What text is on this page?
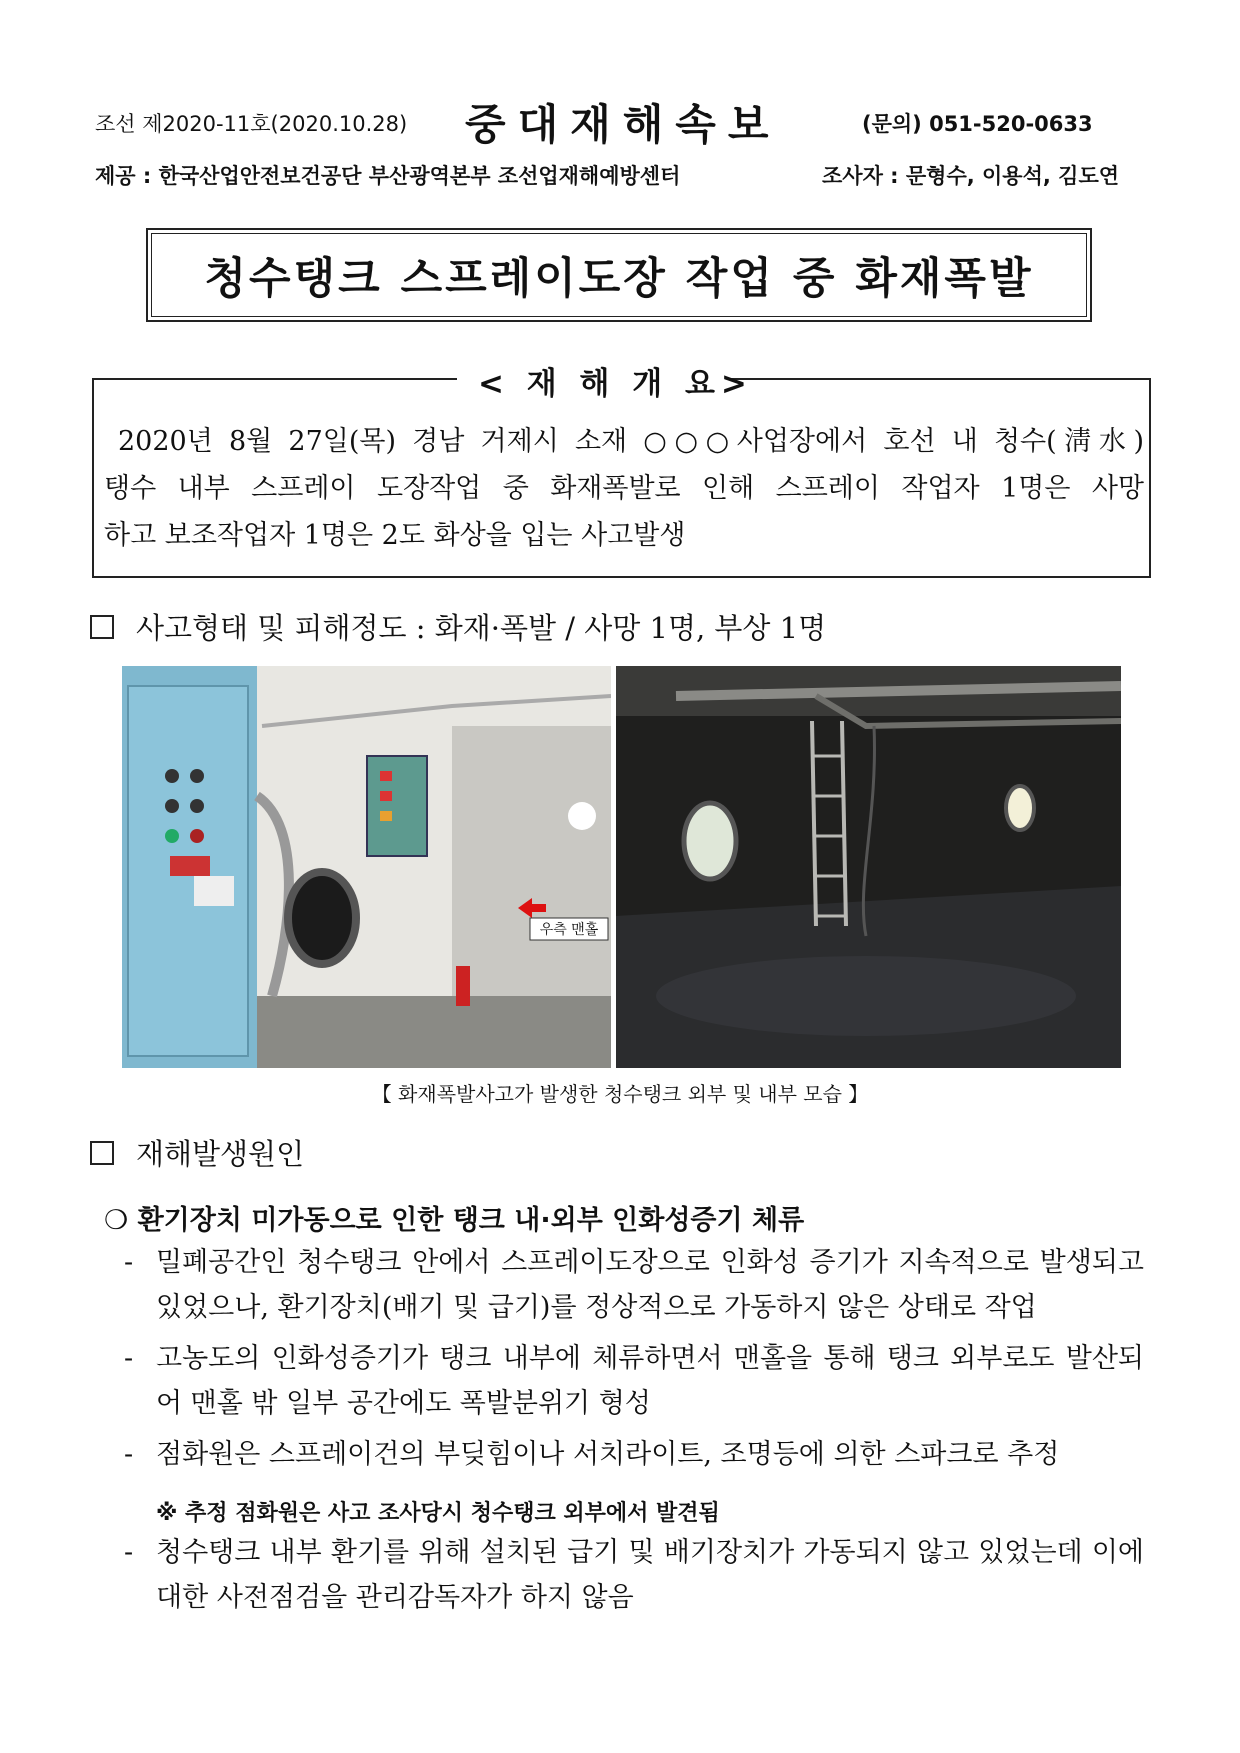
조선 제2020-11호(2020.10.28) 중대재해속보	(문의) 051-520-0633
제공 : 한국산업안전보건공단 부산광역본부 조선업재해예방센터	조사자 : 문형수, 이용석, 김도연
청수탱크 스프레이도장 작업 중 화재폭발
< 재 해 개 요>
2020년 8월 27일(목) 경남 거제시 소재 ○○○사업장에서 호선 내 청수(淸水)
탱수 내부 스프레이 도장작업 중 화재폭발로 인해 스프레이 작업자 1명은 사망
하고 보조작업자 1명은 2도 화상을 입는 사고발생
사고형태 및 피해정도 : 화재·폭발 / 사망 1명, 부상 1명
우측 맨홀
【 화재폭발사고가 발생한 청수탱크 외부 및 내부 모습 】
재해발생원인
❍ 환기장치 미가동으로 인한 탱크 내·외부 인화성증기 체류
- 밀폐공간인 청수탱크 안에서 스프레이도장으로 인화성 증기가 지속적으로 발생되고 있었으나, 환기장치(배기 및 급기)를 정상적으로 가동하지 않은 상태로 작업
- 고농도의 인화성증기가 탱크 내부에 체류하면서 맨홀을 통해 탱크 외부로도 발산되어 맨홀 밖 일부 공간에도 폭발분위기 형성
- 점화원은 스프레이건의 부딪힘이나 서치라이트, 조명등에 의한 스파크로 추정
※ 추정 점화원은 사고 조사당시 청수탱크 외부에서 발견됨
- 청수탱크 내부 환기를 위해 설치된 급기 및 배기장치가 가동되지 않고 있었는데 이에 대한 사전점검을 관리감독자가 하지 않음
